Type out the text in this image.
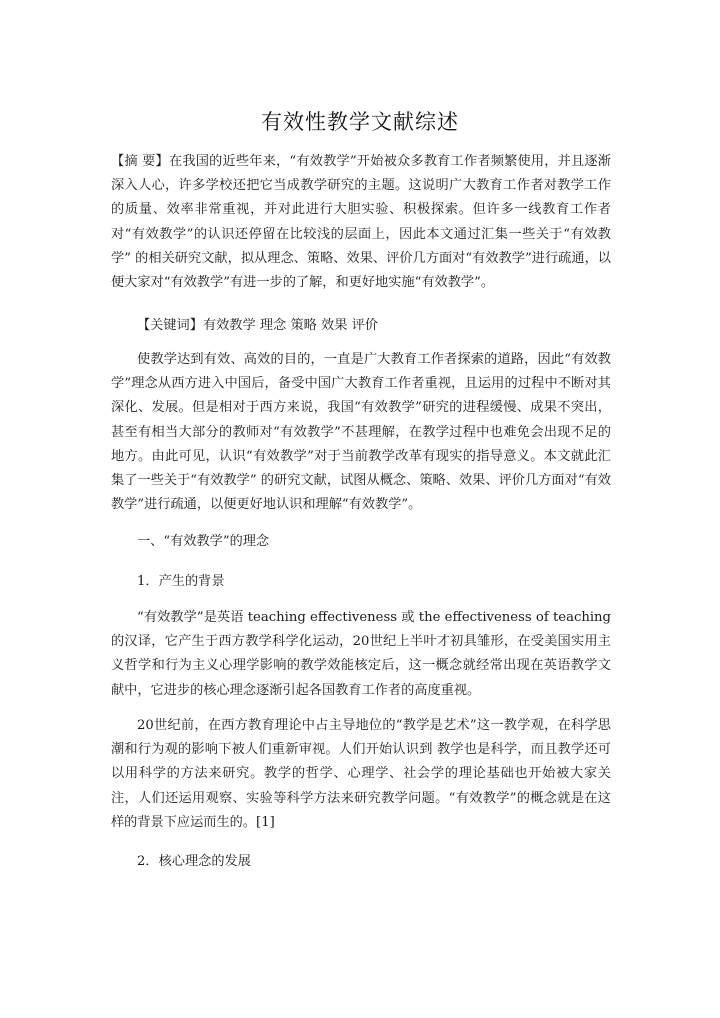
有效性教学文献综述
【摘 要】在我国的近些年来，“有效教学”开始被众多教育工作者频繁使用，并且逐渐深入人心，许多学校还把它当成教学研究的主题。这说明广大教育工作者对教学工作的质量、效率非常重视，并对此进行大胆实验、积极探索。但许多一线教育工作者对“有效教学”的认识还停留在比较浅的层面上，因此本文通过汇集一些关于“有效教学” 的相关研究文献，拟从理念、策略、效果、评价几方面对“有效教学”进行疏通，以便大家对“有效教学”有进一步的了解，和更好地实施“有效教学”。
【关键词】有效教学 理念 策略 效果 评价
使教学达到有效、高效的目的，一直是广大教育工作者探索的道路，因此“有效教学”理念从西方进入中国后，备受中国广大教育工作者重视，且运用的过程中不断对其深化、发展。但是相对于西方来说，我国“有效教学”研究的进程缓慢、成果不突出，甚至有相当大部分的教师对“有效教学”不甚理解，在教学过程中也难免会出现不足的地方。由此可见，认识“有效教学”对于当前教学改革有现实的指导意义。本文就此汇集了一些关于“有效教学” 的研究文献，试图从概念、策略、效果、评价几方面对“有效教学”进行疏通，以便更好地认识和理解“有效教学”。
一、“有效教学”的理念
1．产生的背景
“有效教学”是英语 teaching effectiveness 或 the effectiveness of teaching 的汉译，它产生于西方教学科学化运动，20世纪上半叶才初具雏形，在受美国实用主义哲学和行为主义心理学影响的教学效能核定后，这一概念就经常出现在英语教学文献中，它进步的核心理念逐渐引起各国教育工作者的高度重视。
20世纪前，在西方教育理论中占主导地位的“教学是艺术”这一教学观，在科学思潮和行为观的影响下被人们重新审视。人们开始认识到 教学也是科学，而且教学还可以用科学的方法来研究。教学的哲学、心理学、社会学的理论基础也开始被大家关注，人们还运用观察、实验等科学方法来研究教学问题。“有效教学”的概念就是在这样的背景下应运而生的。[1]
2．核心理念的发展
